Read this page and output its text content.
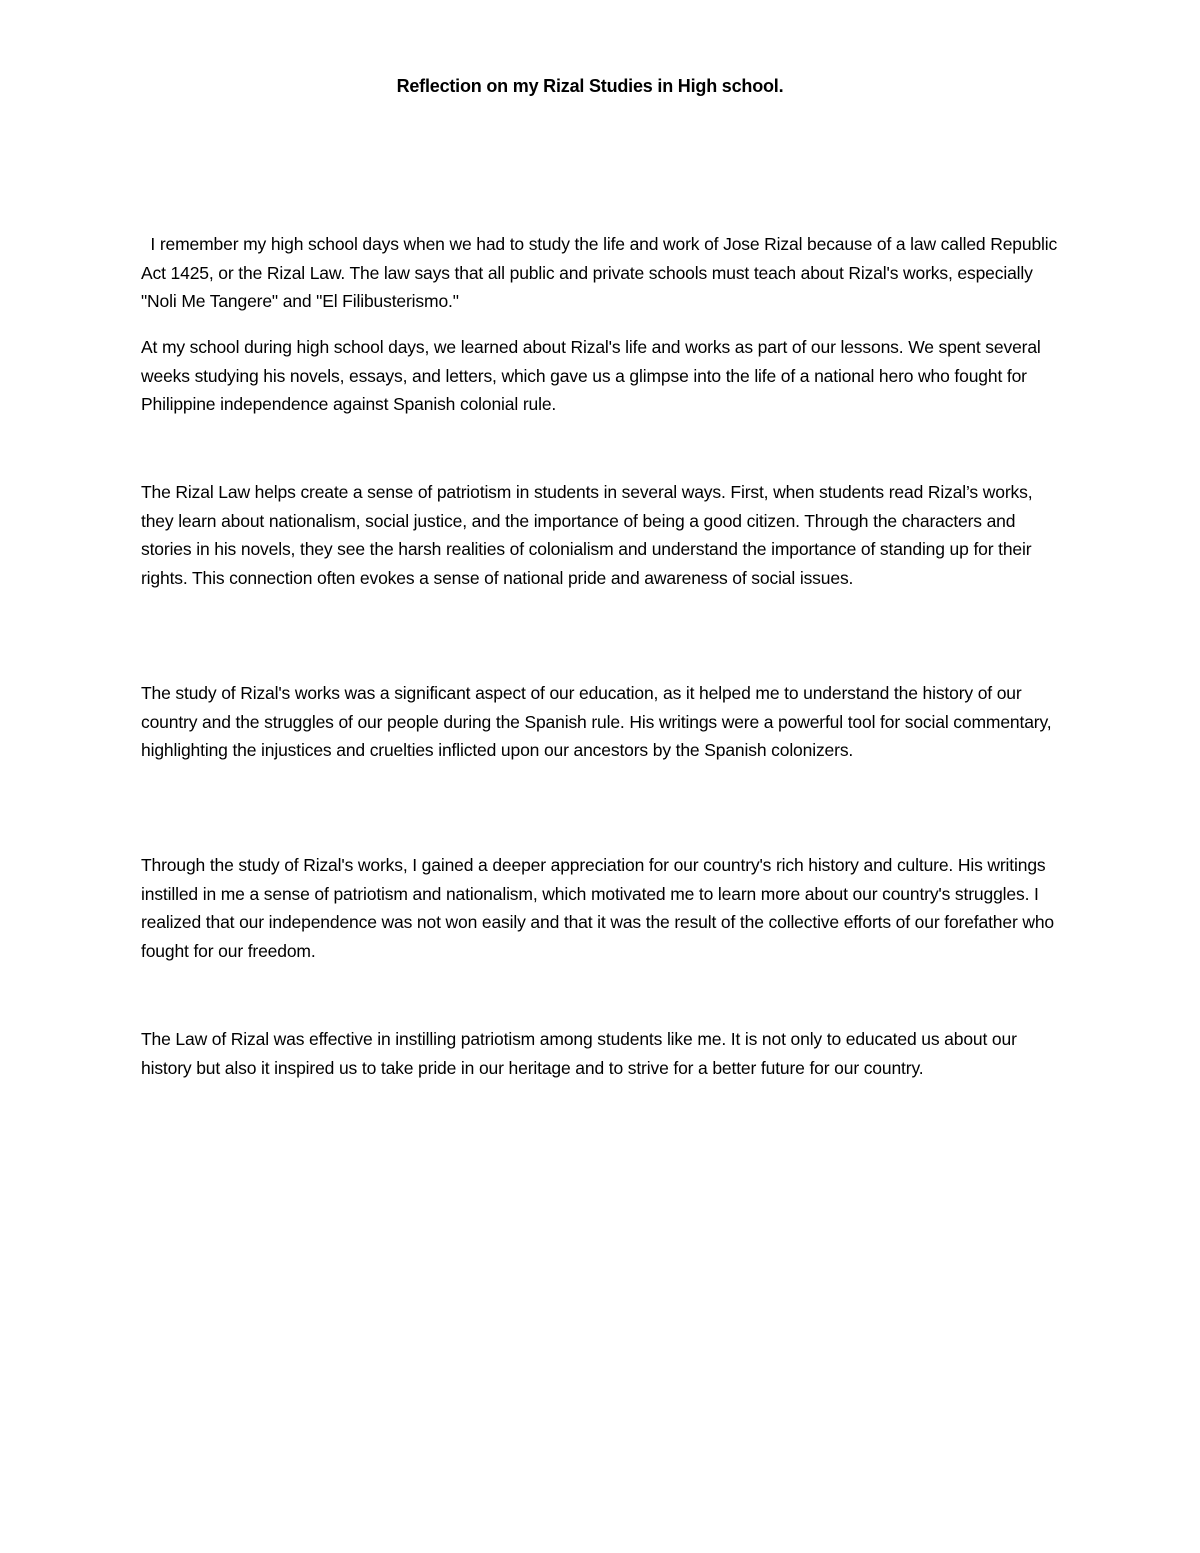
Reflection on my Rizal Studies in High school.

I remember my high school days when we had to study the life and work of Jose Rizal because of a law called Republic Act 1425, or the Rizal Law. The law says that all public and private schools must teach about Rizal's works, especially "Noli Me Tangere" and "El Filibusterismo."

At my school during high school days, we learned about Rizal's life and works as part of our lessons. We spent several weeks studying his novels, essays, and letters, which gave us a glimpse into the life of a national hero who fought for Philippine independence against Spanish colonial rule.

The Rizal Law helps create a sense of patriotism in students in several ways. First, when students read Rizal’s works, they learn about nationalism, social justice, and the importance of being a good citizen. Through the characters and stories in his novels, they see the harsh realities of colonialism and understand the importance of standing up for their rights. This connection often evokes a sense of national pride and awareness of social issues.

The study of Rizal's works was a significant aspect of our education, as it helped me to understand the history of our country and the struggles of our people during the Spanish rule. His writings were a powerful tool for social commentary, highlighting the injustices and cruelties inflicted upon our ancestors by the Spanish colonizers.

Through the study of Rizal's works, I gained a deeper appreciation for our country's rich history and culture. His writings instilled in me a sense of patriotism and nationalism, which motivated me to learn more about our country's struggles. I realized that our independence was not won easily and that it was the result of the collective efforts of our forefather who fought for our freedom.

The Law of Rizal was effective in instilling patriotism among students like me. It is not only to educated us about our history but also it inspired us to take pride in our heritage and to strive for a better future for our country.
